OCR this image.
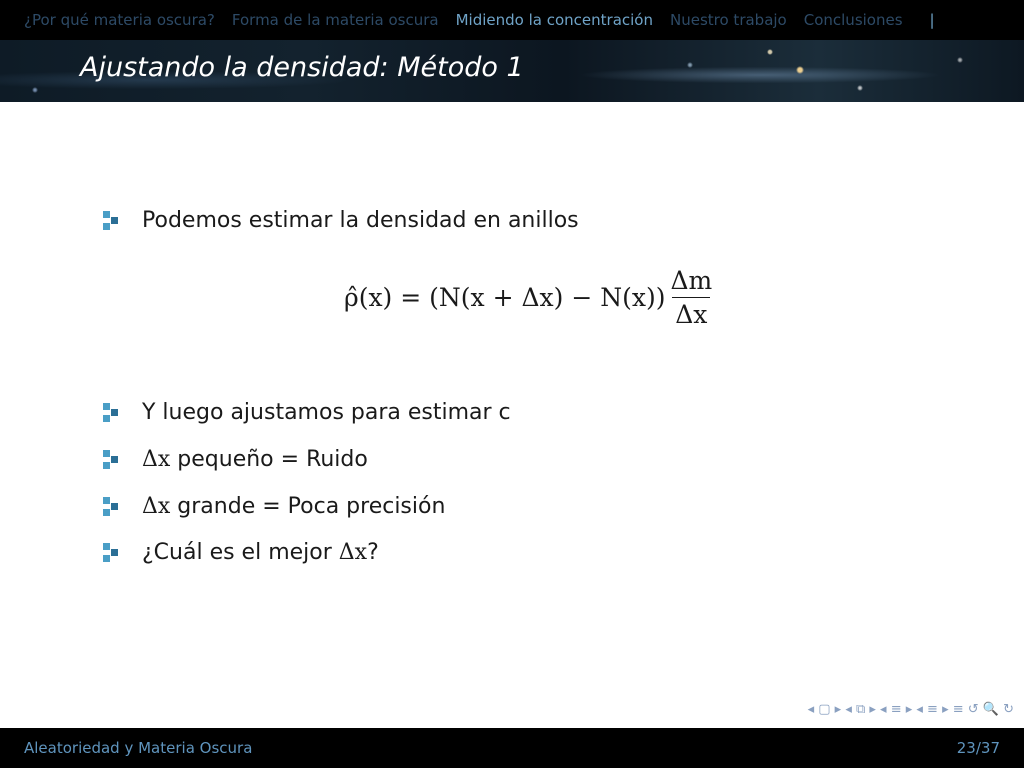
¿Por qué materia oscura? Forma de la materia oscura Midiendo la concentración Nuestro trabajo Conclusiones |
Ajustando la densidad: Método 1
Podemos estimar la densidad en anillos
ρ̂(x) = $(N(x + \Delta x) - N(x)) \frac{\Delta m}{\Delta x}$
Y luego ajustamos para estimar c
Δx
pequeño = Ruido
Δx
grande = Poca precisión
¿Cuál es el mejor
Δx ?
◂ ▢ ▸ ◂ ⧉ ▸ ◂ ≡ ▸ ◂ ≡ ▸ ≡ ↺ 🔍 ↻
Aleatoriedad y Materia Oscura	23/37
